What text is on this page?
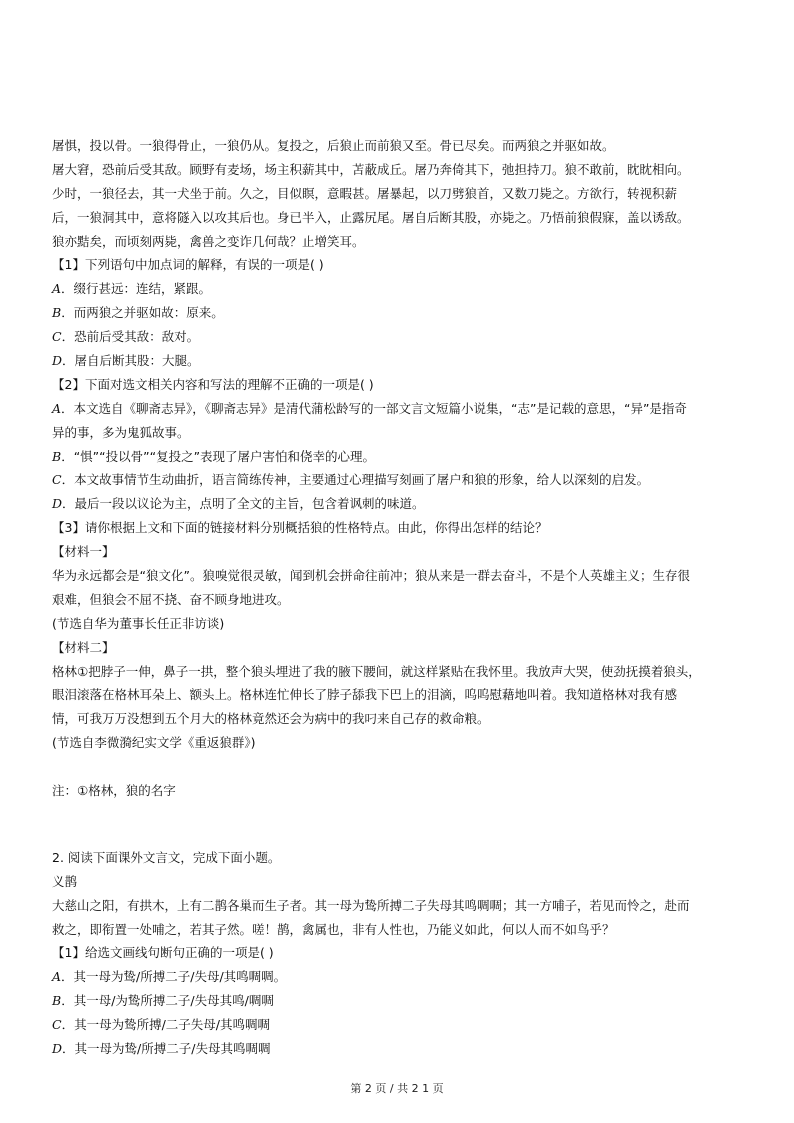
屠惧，投以骨。一狼得骨止，一狼仍从。复投之，后狼止而前狼又至。骨已尽矣。而两狼之并驱如故。
屠大窘，恐前后受其敌。顾野有麦场，场主积薪其中，苫蔽成丘。屠乃奔倚其下，弛担持刀。狼不敢前，眈眈相向。
少时，一狼径去，其一犬坐于前。久之，目似瞑，意暇甚。屠暴起，以刀劈狼首，又数刀毙之。方欲行，转视积薪
后，一狼洞其中，意将隧入以攻其后也。身已半入，止露尻尾。屠自后断其股，亦毙之。乃悟前狼假寐，盖以诱敌。
狼亦黠矣，而顷刻两毙，禽兽之变诈几何哉？止增笑耳。
【1】下列语句中加点词的解释，有误的一项是( )
A．缀行甚远：连结，紧跟。
B．而两狼之并驱如故：原来。
C．恐前后受其敌：敌对。
D．屠自后断其股：大腿。
【2】下面对选文相关内容和写法的理解不正确的一项是( )
A．本文选自《聊斋志异》，《聊斋志异》是清代蒲松龄写的一部文言文短篇小说集，“志”是记载的意思，“异”是指奇
异的事，多为鬼狐故事。
B．“惧”“投以骨”“复投之”表现了屠户害怕和侥幸的心理。
C．本文故事情节生动曲折，语言简练传神，主要通过心理描写刻画了屠户和狼的形象，给人以深刻的启发。
D．最后一段以议论为主，点明了全文的主旨，包含着讽刺的味道。
【3】请你根据上文和下面的链接材料分别概括狼的性格特点。由此，你得出怎样的结论？
【材料一】
华为永远都会是“狼文化”。狼嗅觉很灵敏，闻到机会拼命往前冲；狼从来是一群去奋斗，不是个人英雄主义；生存很
艰难，但狼会不屈不挠、奋不顾身地进攻。
(节选自华为董事长任正非访谈)
【材料二】
格林①把脖子一伸，鼻子一拱，整个狼头埋进了我的腋下腰间，就这样紧贴在我怀里。我放声大哭，使劲抚摸着狼头，
眼泪滚落在格林耳朵上、额头上。格林连忙伸长了脖子舔我下巴上的泪滴，呜呜慰藉地叫着。我知道格林对我有感
情，可我万万没想到五个月大的格林竟然还会为病中的我叼来自己存的救命粮。
(节选自李微漪纪实文学《重返狼群》)
注：①格林，狼的名字
2. 阅读下面课外文言文，完成下面小题。
义鹊
大慈山之阳，有拱木，上有二鹊各巢而生子者。其一母为鸷所搏二子失母其鸣啁啁；其一方哺子，若见而怜之，赴而
救之，即衔置一处哺之，若其子然。嗟！鹊，禽属也，非有人性也，乃能义如此，何以人而不如鸟乎？
【1】给选文画线句断句正确的一项是( )
A．其一母为鸷/所搏二子/失母/其鸣啁啁。
B．其一母/为鸷所搏二子/失母其鸣/啁啁
C．其一母为鸷所搏/二子失母/其鸣啁啁
D．其一母为鸷/所搏二子/失母其鸣啁啁
第 2 页 / 共 2 1 页
